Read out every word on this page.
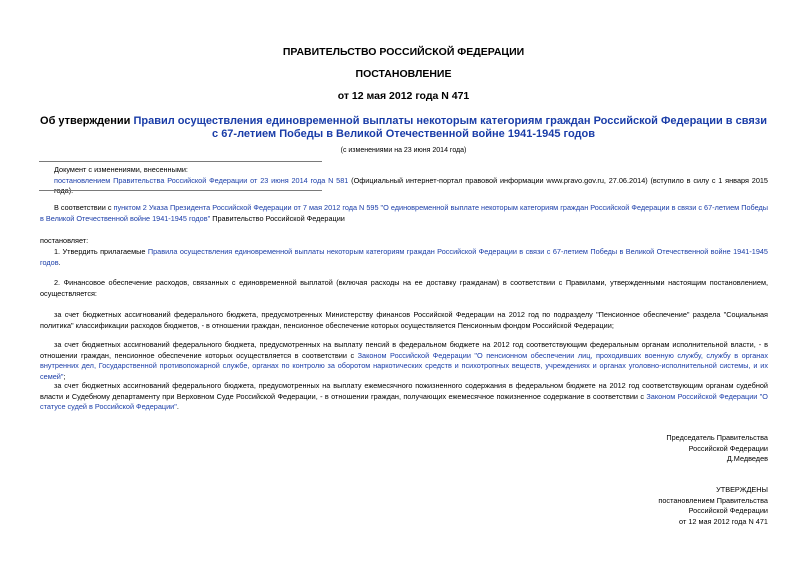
ПРАВИТЕЛЬСТВО РОССИЙСКОЙ ФЕДЕРАЦИИ
ПОСТАНОВЛЕНИЕ
от 12 мая 2012 года N 471
Об утверждении Правил осуществления единовременной выплаты некоторым категориям граждан Российской Федерации в связи с 67-летием Победы в Великой Отечественной войне 1941-1945 годов
(с изменениями на 23 июня 2014 года)
Документ с изменениями, внесенными:
постановлением Правительства Российской Федерации от 23 июня 2014 года N 581 (Официальный интернет-портал правовой информации www.pravo.gov.ru, 27.06.2014) (вступило в силу с 1 января 2015 года).
В соответствии с пунктом 2 Указа Президента Российской Федерации от 7 мая 2012 года N 595 "О единовременной выплате некоторым категориям граждан Российской Федерации в связи с 67-летием Победы в Великой Отечественной войне 1941-1945 годов" Правительство Российской Федерации
постановляет:
1. Утвердить прилагаемые Правила осуществления единовременной выплаты некоторым категориям граждан Российской Федерации в связи с 67-летием Победы в Великой Отечественной войне 1941-1945 годов.
2. Финансовое обеспечение расходов, связанных с единовременной выплатой (включая расходы на ее доставку гражданам) в соответствии с Правилами, утвержденными настоящим постановлением, осуществляется:
за счет бюджетных ассигнований федерального бюджета, предусмотренных Министерству финансов Российской Федерации на 2012 год по подразделу "Пенсионное обеспечение" раздела "Социальная политика" классификации расходов бюджетов, - в отношении граждан, пенсионное обеспечение которых осуществляется Пенсионным фондом Российской Федерации;
за счет бюджетных ассигнований федерального бюджета, предусмотренных на выплату пенсий в федеральном бюджете на 2012 год соответствующим федеральным органам исполнительной власти, - в отношении граждан, пенсионное обеспечение которых осуществляется в соответствии с Законом Российской Федерации "О пенсионном обеспечении лиц, проходивших военную службу, службу в органах внутренних дел, Государственной противопожарной службе, органах по контролю за оборотом наркотических средств и психотропных веществ, учреждениях и органах уголовно-исполнительной системы, и их семей";
за счет бюджетных ассигнований федерального бюджета, предусмотренных на выплату ежемесячного пожизненного содержания в федеральном бюджете на 2012 год соответствующим органам судебной власти и Судебному департаменту при Верховном Суде Российской Федерации, - в отношении граждан, получающих ежемесячное пожизненное содержание в соответствии с Законом Российской Федерации "О статусе судей в Российской Федерации".
Председатель Правительства
Российской Федерации
Д.Медведев
УТВЕРЖДЕНЫ
постановлением Правительства
Российской Федерации
от 12 мая 2012 года N 471
